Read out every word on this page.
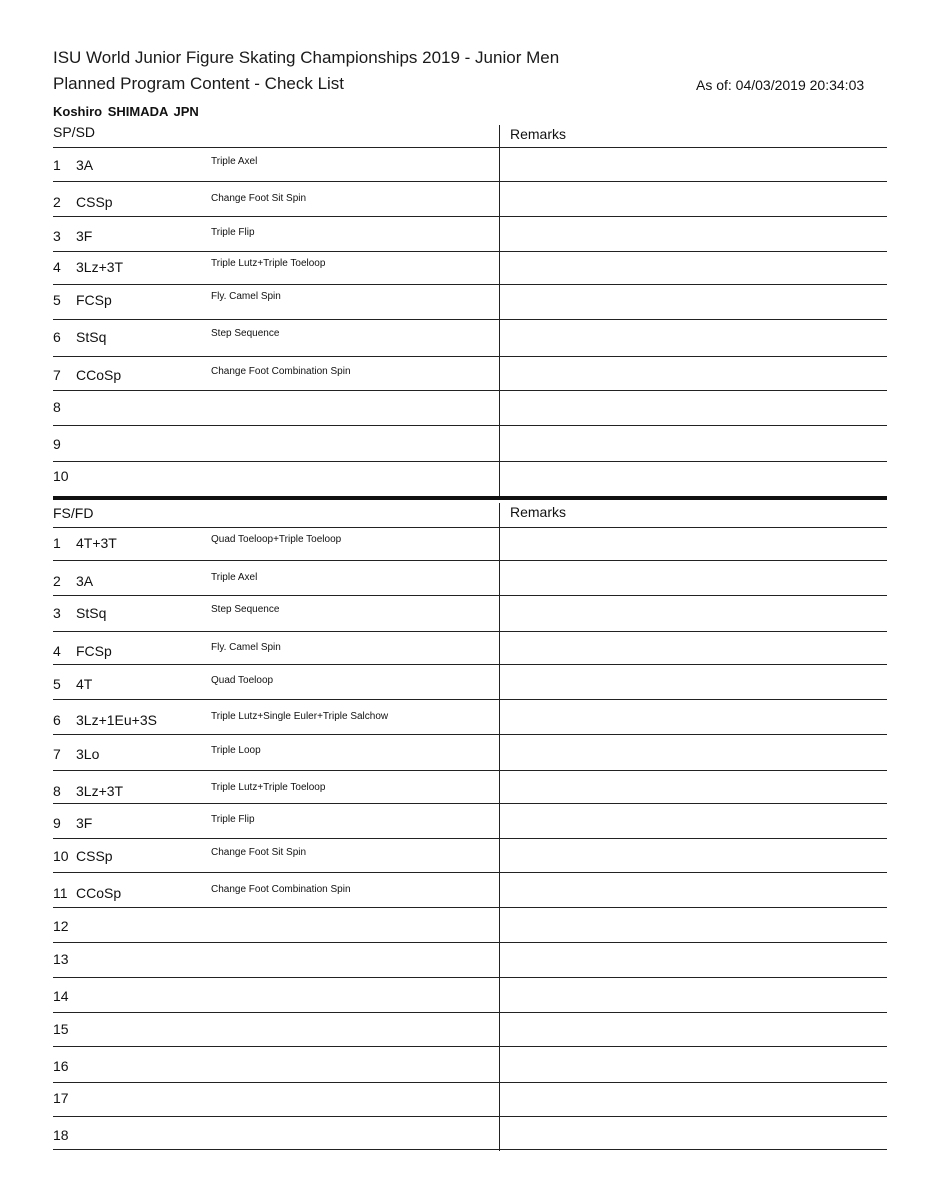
ISU World Junior Figure Skating Championships 2019 - Junior Men
Planned Program Content - Check List	As of: 04/03/2019 20:34:03
Koshiro SHIMADA JPN
SP/SD	Remarks
1 3A	Triple Axel
2 CSSp	Change Foot Sit Spin
3 3F	Triple Flip
4 3Lz+3T	Triple Lutz+Triple Toeloop
5 FCSp	Fly. Camel Spin
6 StSq	Step Sequence
7 CCoSp	Change Foot Combination Spin
8
9
10
FS/FD	Remarks
1 4T+3T	Quad Toeloop+Triple Toeloop
2 3A	Triple Axel
3 StSq	Step Sequence
4 FCSp	Fly. Camel Spin
5 4T	Quad Toeloop
6 3Lz+1Eu+3S	Triple Lutz+Single Euler+Triple Salchow
7 3Lo	Triple Loop
8 3Lz+3T	Triple Lutz+Triple Toeloop
9 3F	Triple Flip
10 CSSp	Change Foot Sit Spin
11 CCoSp	Change Foot Combination Spin
12
13
14
15
16
17
18
